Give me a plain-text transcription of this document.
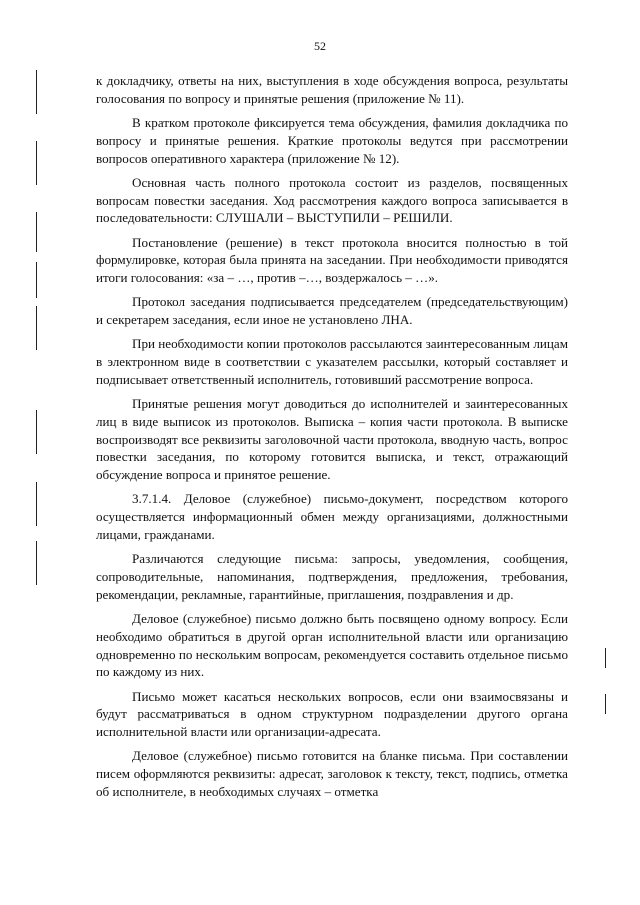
52

к докладчику, ответы на них, выступления в ходе обсуждения вопроса, результаты голосования по вопросу и принятые решения (приложение № 11).

В кратком протоколе фиксируется тема обсуждения, фамилия докладчика по вопросу и принятые решения. Краткие протоколы ведутся при рассмотрении вопросов оперативного характера (приложение № 12).

Основная часть полного протокола состоит из разделов, посвященных вопросам повестки заседания. Ход рассмотрения каждого вопроса записывается в последовательности: СЛУШАЛИ – ВЫСТУПИЛИ – РЕШИЛИ.

Постановление (решение) в текст протокола вносится полностью в той формулировке, которая была принята на заседании. При необходимости приводятся итоги голосования: «за – …, против –…, воздержалось – …».

Протокол заседания подписывается председателем (председательствующим) и секретарем заседания, если иное не установлено ЛНА.

При необходимости копии протоколов рассылаются заинтересованным лицам в электронном виде в соответствии с указателем рассылки, который составляет и подписывает ответственный исполнитель, готовивший рассмотрение вопроса.

Принятые решения могут доводиться до исполнителей и заинтересованных лиц в виде выписок из протоколов. Выписка – копия части протокола. В выписке воспроизводят все реквизиты заголовочной части протокола, вводную часть, вопрос повестки заседания, по которому готовится выписка, и текст, отражающий обсуждение вопроса и принятое решение.

3.7.1.4. Деловое (служебное) письмо-документ, посредством которого осуществляется информационный обмен между организациями, должностными лицами, гражданами.

Различаются следующие письма: запросы, уведомления, сообщения, сопроводительные, напоминания, подтверждения, предложения, требования, рекомендации, рекламные, гарантийные, приглашения, поздравления и др.

Деловое (служебное) письмо должно быть посвящено одному вопросу. Если необходимо обратиться в другой орган исполнительной власти или организацию одновременно по нескольким вопросам, рекомендуется составить отдельное письмо по каждому из них.

Письмо может касаться нескольких вопросов, если они взаимосвязаны и будут рассматриваться в одном структурном подразделении другого органа исполнительной власти или организации-адресата.

Деловое (служебное) письмо готовится на бланке письма. При составлении писем оформляются реквизиты: адресат, заголовок к тексту, текст, подпись, отметка об исполнителе, в необходимых случаях – отметка
